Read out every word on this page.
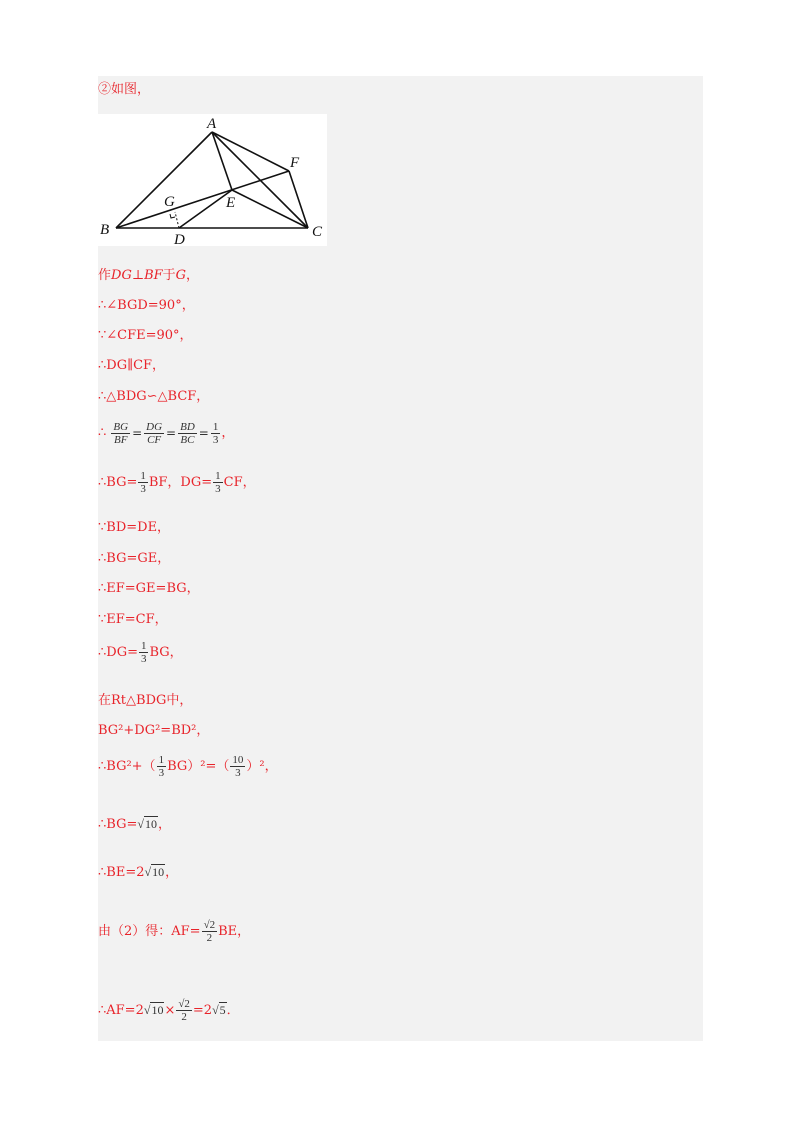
②如图，
A
B	C
D
E
F
G
作DG⊥BF于G，
∴∠BGD=90°，
∵∠CFE=90°，
∴DG∥CF，
∴△BDG∽△BCF，
∴ $\frac{BG}{BF} = \frac{DG}{CF} = \frac{BD}{BC} = \frac{1}{3}$ ，
∴BG= $\frac{1}{3}$ BF，$DG= \frac{1}{3}$ CF，
∵BD=DE，
∴BG=GE，
∴EF=GE=BG，
∵EF=CF，
∴DG= $\frac{1}{3}$ BG，
在Rt△BDG中，
BG²+DG²=BD²，
∴BG²+（ $\frac{1}{3} BG)^2=( \frac{10}{3} )^2$，
∴BG=√10，
∴BE=2√10，
由（2）得：$AF= \frac{√2}{2}$ BE，
∴AF=2√10× $\frac{√2}{2} =2√5$．
